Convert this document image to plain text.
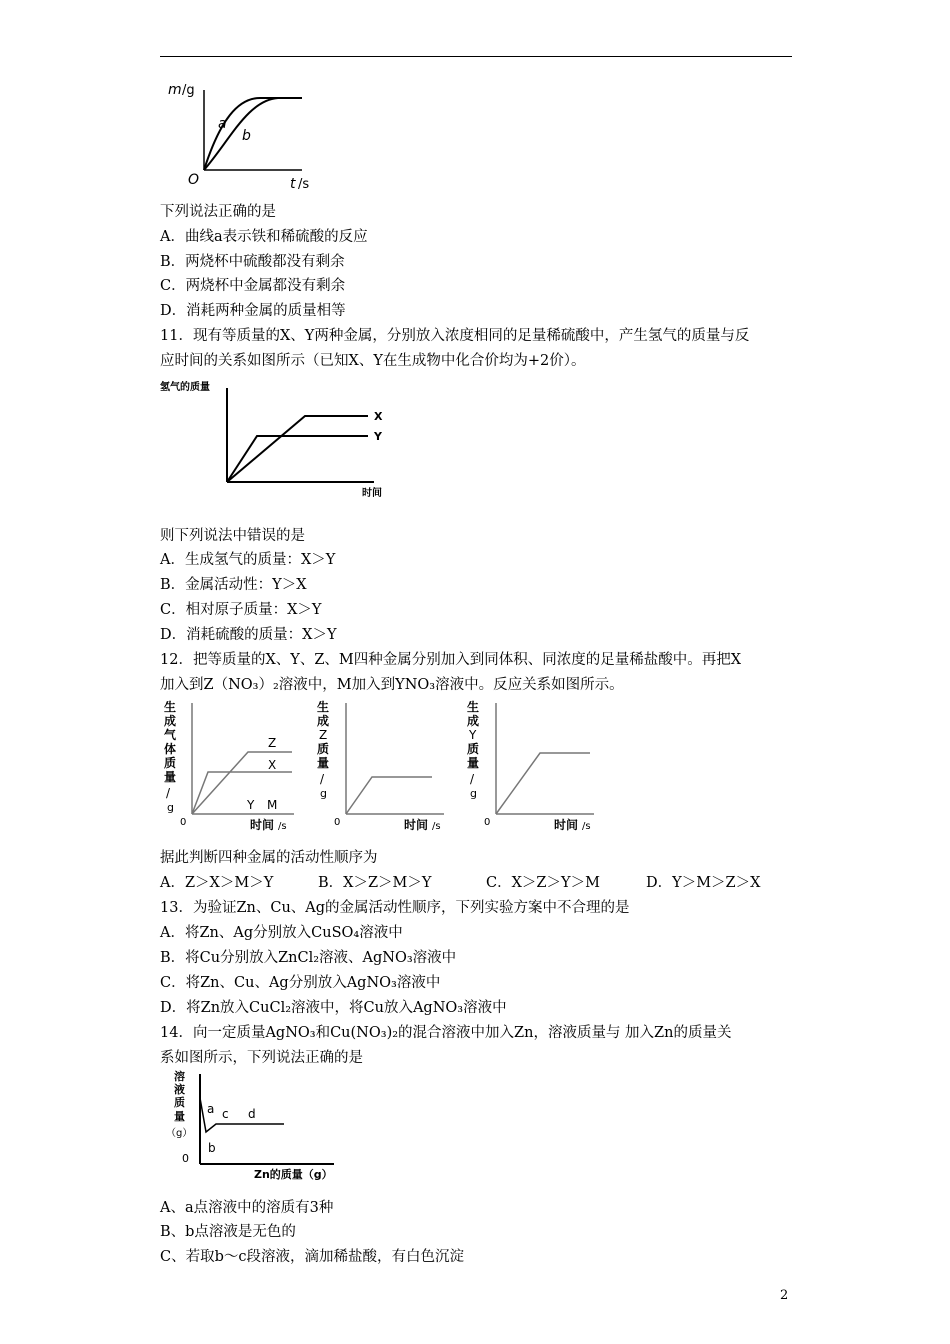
m /g
O	t /s
a
b
下列说法正确的是
A．曲线a表示铁和稀硫酸的反应
B．两烧杯中硫酸都没有剩余
C．两烧杯中金属都没有剩余
D．消耗两种金属的质量相等
11．现有等质量的X、Y两种金属，分别放入浓度相同的足量稀硫酸中，产生氢气的质量与反
应时间的关系如图所示（已知X、Y在生成物中化合价均为+2价）。
氢气的质量
时间
X
Y
则下列说法中错误的是
A．生成氢气的质量：X＞Y
B．金属活动性：Y＞X
C．相对原子质量：X＞Y
D．消耗硫酸的质量：X＞Y
12．把等质量的X、Y、Z、M四种金属分别加入到同体积、同浓度的足量稀盐酸中。再把X
加入到Z（NO₃）₂溶液中，M加入到YNO₃溶液中。反应关系如图所示。
生
成
气
体
质
量
/
g
0	时间 /s
Z
X
Y M
生
成
Z
质
量
/
g
0	时间 /s
生
成
Y
质
量
/
g
0	时间 /s
据此判断四种金属的活动性顺序为
A．Z＞X＞M＞Y	B．X＞Z＞M＞Y	C．X＞Z＞Y＞M	D．Y＞M＞Z＞X
13．为验证Zn、Cu、Ag的金属活动性顺序，下列实验方案中不合理的是
A．将Zn、Ag分别放入CuSO₄溶液中
B．将Cu分别放入ZnCl₂溶液、AgNO₃溶液中
C．将Zn、Cu、Ag分别放入AgNO₃溶液中
D．将Zn放入CuCl₂溶液中，将Cu放入AgNO₃溶液中
14．向一定质量AgNO₃和Cu(NO₃)₂的混合溶液中加入Zn，溶液质量与 加入Zn的质量关
系如图所示，下列说法正确的是
溶
液
质
量
（g）
0
Zn的质量（g）
a
b
c d
A、a点溶液中的溶质有3种
B、b点溶液是无色的
C、若取b～c段溶液，滴加稀盐酸，有白色沉淀
2
